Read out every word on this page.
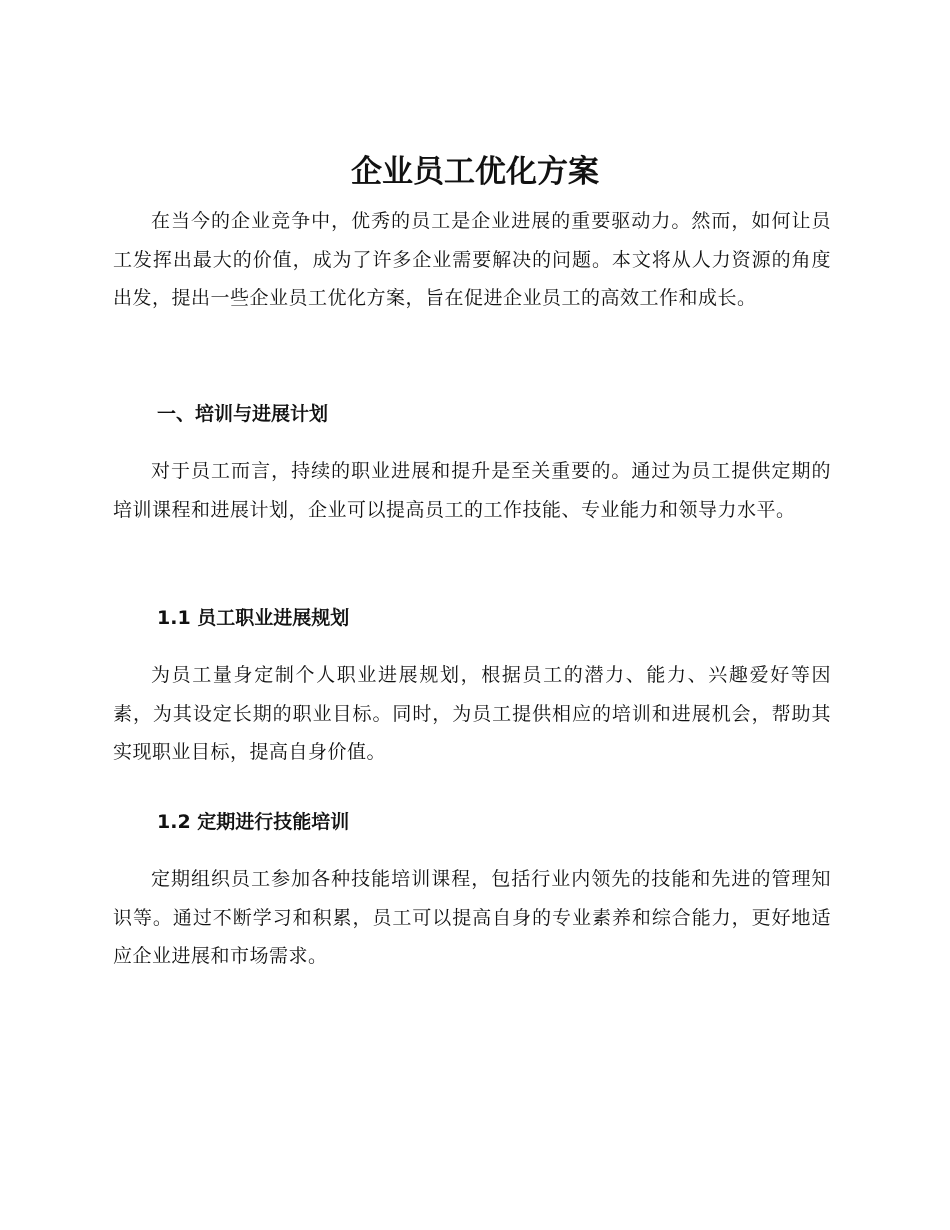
企业员工优化方案

在当今的企业竞争中，优秀的员工是企业进展的重要驱动力。然而，如何让员工发挥出最大的价值，成为了许多企业需要解决的问题。本文将从人力资源的角度出发，提出一些企业员工优化方案，旨在促进企业员工的高效工作和成长。

一、培训与进展计划

对于员工而言，持续的职业进展和提升是至关重要的。通过为员工提供定期的培训课程和进展计划，企业可以提高员工的工作技能、专业能力和领导力水平。

1.1 员工职业进展规划

为员工量身定制个人职业进展规划，根据员工的潜力、能力、兴趣爱好等因素，为其设定长期的职业目标。同时，为员工提供相应的培训和进展机会，帮助其实现职业目标，提高自身价值。

1.2 定期进行技能培训

定期组织员工参加各种技能培训课程，包括行业内领先的技能和先进的管理知识等。通过不断学习和积累，员工可以提高自身的专业素养和综合能力，更好地适应企业进展和市场需求。
